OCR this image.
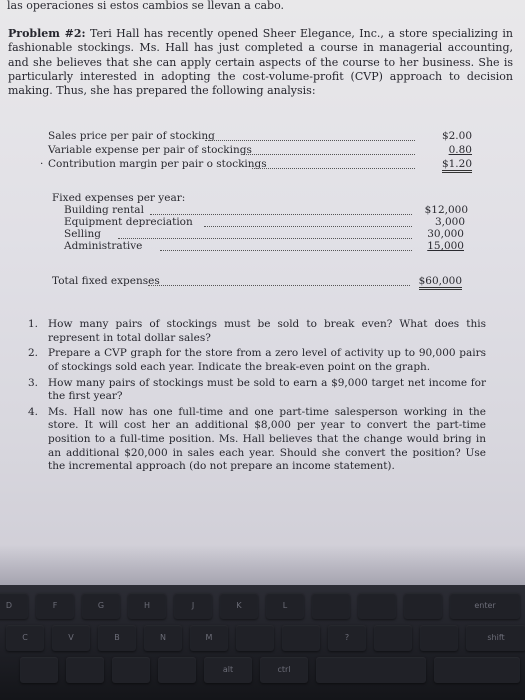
las operaciones si estos cambios se llevan a cabo.
Problem #2: Teri Hall has recently opened Sheer Elegance, Inc., a store specializing in fashionable stockings. Ms. Hall has just completed a course in managerial accounting, and she believes that she can apply certain aspects of the course to her business. She is particularly interested in adopting the cost-volume-profit (CVP) approach to decision making. Thus, she has prepared the following analysis:
Sales price per pair of stocking	$2.00
Variable expense per pair of stockings	0.80
· Contribution margin per pair o stockings	$1.20
Fixed expenses per year:
Building rental	$12,000
Equipment depreciation	3,000
Selling	30,000
Administrative	15,000
Total fixed expenses	$60,000
1. How many pairs of stockings must be sold to break even? What does this represent in total dollar sales?
2. Prepare a CVP graph for the store from a zero level of activity up to 90,000 pairs of stockings sold each year. Indicate the break-even point on the graph.
3. How many pairs of stockings must be sold to earn a $9,000 target net income for the first year?
4. Ms. Hall now has one full-time and one part-time salesperson working in the store. It will cost her an additional $8,000 per year to convert the part-time position to a full-time position. Ms. Hall believes that the change would bring in an additional $20,000 in sales each year. Should she convert the position? Use the incremental approach (do not prepare an income statement).
D	F	G	H	J	K	L	enter
C	V	B	N	M	?	shift
alt	ctrl
